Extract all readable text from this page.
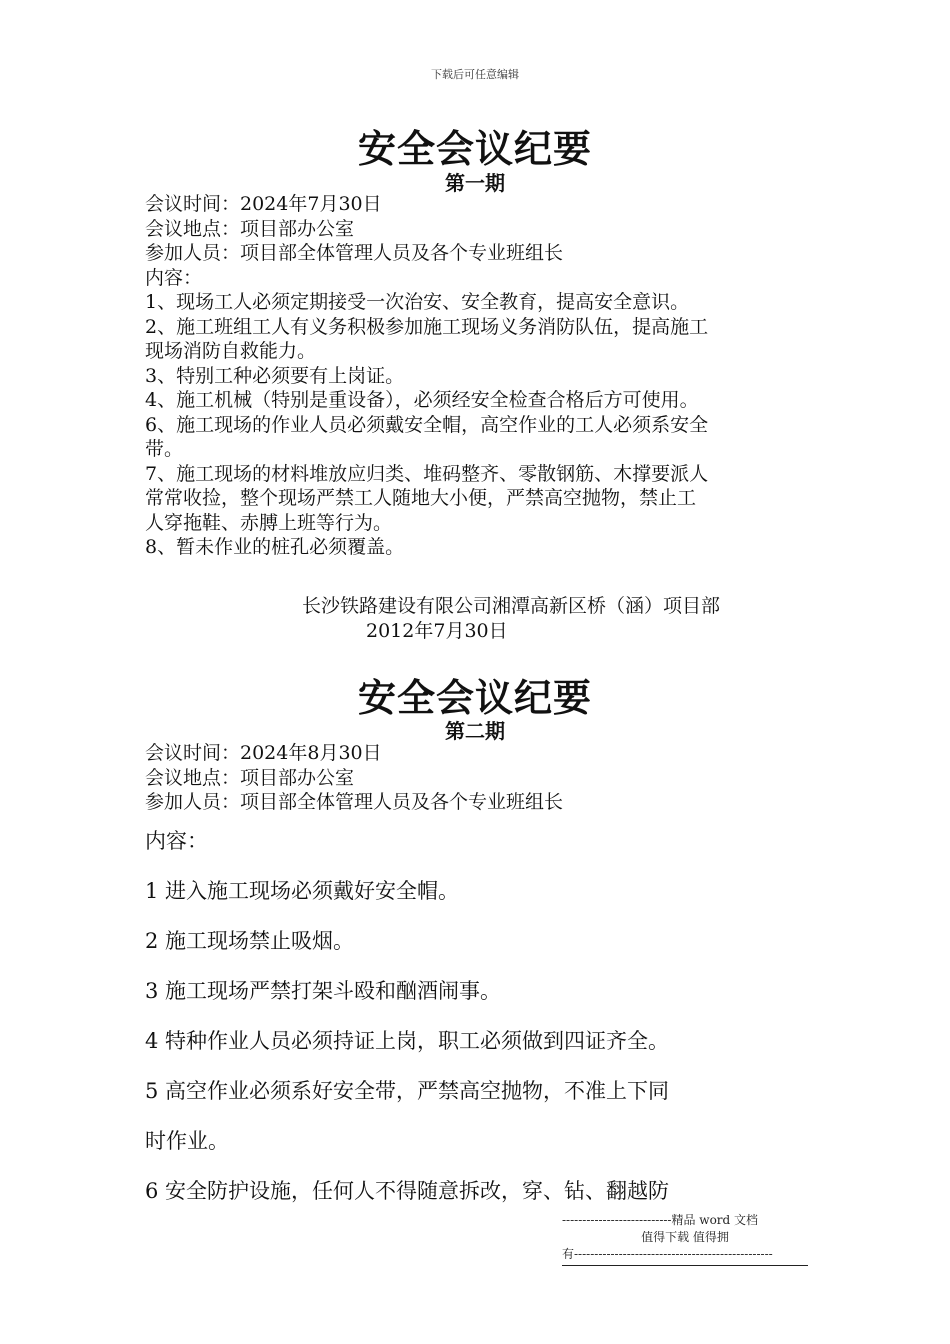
下载后可任意编辑
安全会议纪要
第一期
会议时间：2024年7月30日
会议地点：项目部办公室
参加人员：项目部全体管理人员及各个专业班组长
内容：
1、现场工人必须定期接受一次治安、安全教育，提高安全意识。
2、施工班组工人有义务积极参加施工现场义务消防队伍，提高施工
现场消防自救能力。
3、特别工种必须要有上岗证。
4、施工机械（特别是重设备），必须经安全检查合格后方可使用。
6、施工现场的作业人员必须戴安全帽，高空作业的工人必须系安全
带。
7、施工现场的材料堆放应归类、堆码整齐、零散钢筋、木撑要派人
常常收捡，整个现场严禁工人随地大小便，严禁高空抛物，禁止工
人穿拖鞋、赤膊上班等行为。
8、暂未作业的桩孔必须覆盖。
长沙铁路建设有限公司湘潭高新区桥（涵）项目部
2012年7月30日
安全会议纪要
第二期
会议时间：2024年8月30日
会议地点：项目部办公室
参加人员：项目部全体管理人员及各个专业班组长
内容：
1 进入施工现场必须戴好安全帽。
2 施工现场禁止吸烟。
3 施工现场严禁打架斗殴和酗酒闹事。
4 特种作业人员必须持证上岗，职工必须做到四证齐全。
5 高空作业必须系好安全带，严禁高空抛物，不准上下同
时作业。
6 安全防护设施，任何人不得随意拆改，穿、钻、翻越防
---------------------------精品 word 文档
值得下载 值得拥
有-------------------------------------------------
